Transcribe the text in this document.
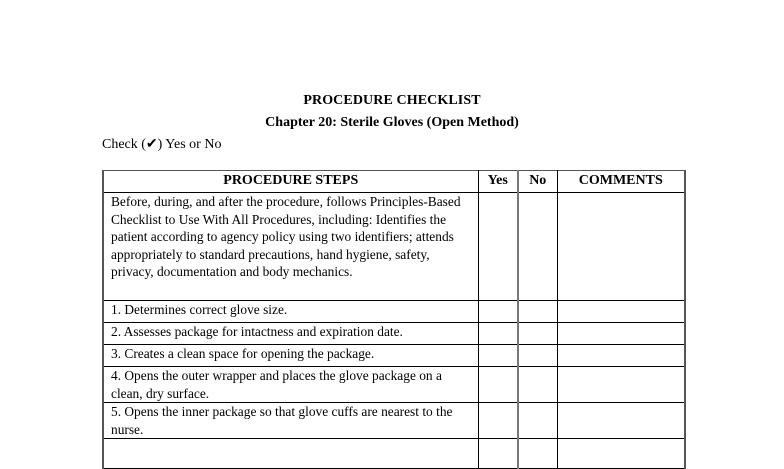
PROCEDURE CHECKLIST
Chapter 20: Sterile Gloves (Open Method)
Check (✔) Yes or No
PROCEDURE STEPS	Yes	No	COMMENTS
Before, during, and after the procedure, follows Principles-Based Checklist to Use With All Procedures, including: Identifies the patient according to agency policy using two identifiers; attends appropriately to standard precautions, hand hygiene, safety, privacy, documentation and body mechanics.			
1. Determines correct glove size.			
2. Assesses package for intactness and expiration date.			
3. Creates a clean space for opening the package.			
4. Opens the outer wrapper and places the glove package on a clean, dry surface.			
5. Opens the inner package so that glove cuffs are nearest to the nurse.			
